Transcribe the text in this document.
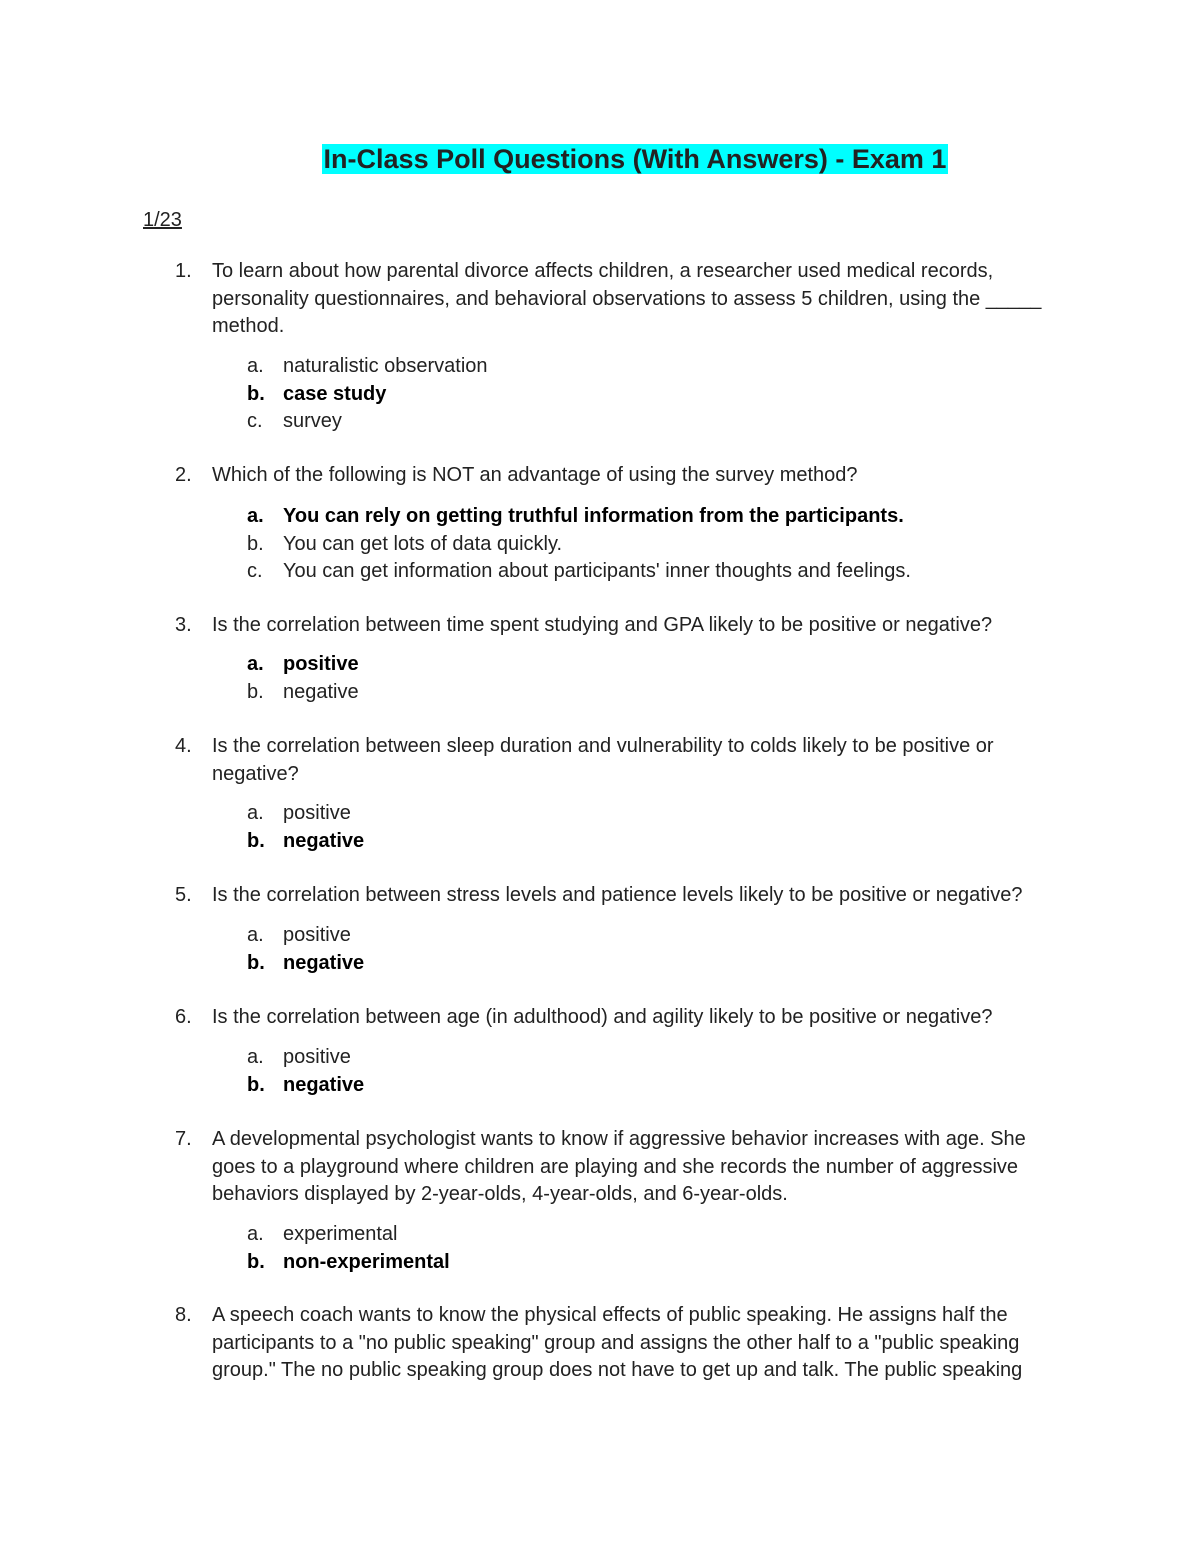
In-Class Poll Questions (With Answers) - Exam 1
1/23
1. To learn about how parental divorce affects children, a researcher used medical records, personality questionnaires, and behavioral observations to assess 5 children, using the _____ method.
a. naturalistic observation
b. case study
c. survey
2. Which of the following is NOT an advantage of using the survey method?
a. You can rely on getting truthful information from the participants.
b. You can get lots of data quickly.
c. You can get information about participants' inner thoughts and feelings.
3. Is the correlation between time spent studying and GPA likely to be positive or negative?
a. positive
b. negative
4. Is the correlation between sleep duration and vulnerability to colds likely to be positive or negative?
a. positive
b. negative
5. Is the correlation between stress levels and patience levels likely to be positive or negative?
a. positive
b. negative
6. Is the correlation between age (in adulthood) and agility likely to be positive or negative?
a. positive
b. negative
7. A developmental psychologist wants to know if aggressive behavior increases with age. She goes to a playground where children are playing and she records the number of aggressive behaviors displayed by 2-year-olds, 4-year-olds, and 6-year-olds.
a. experimental
b. non-experimental
8. A speech coach wants to know the physical effects of public speaking. He assigns half the participants to a "no public speaking" group and assigns the other half to a "public speaking group." The no public speaking group does not have to get up and talk. The public speaking
